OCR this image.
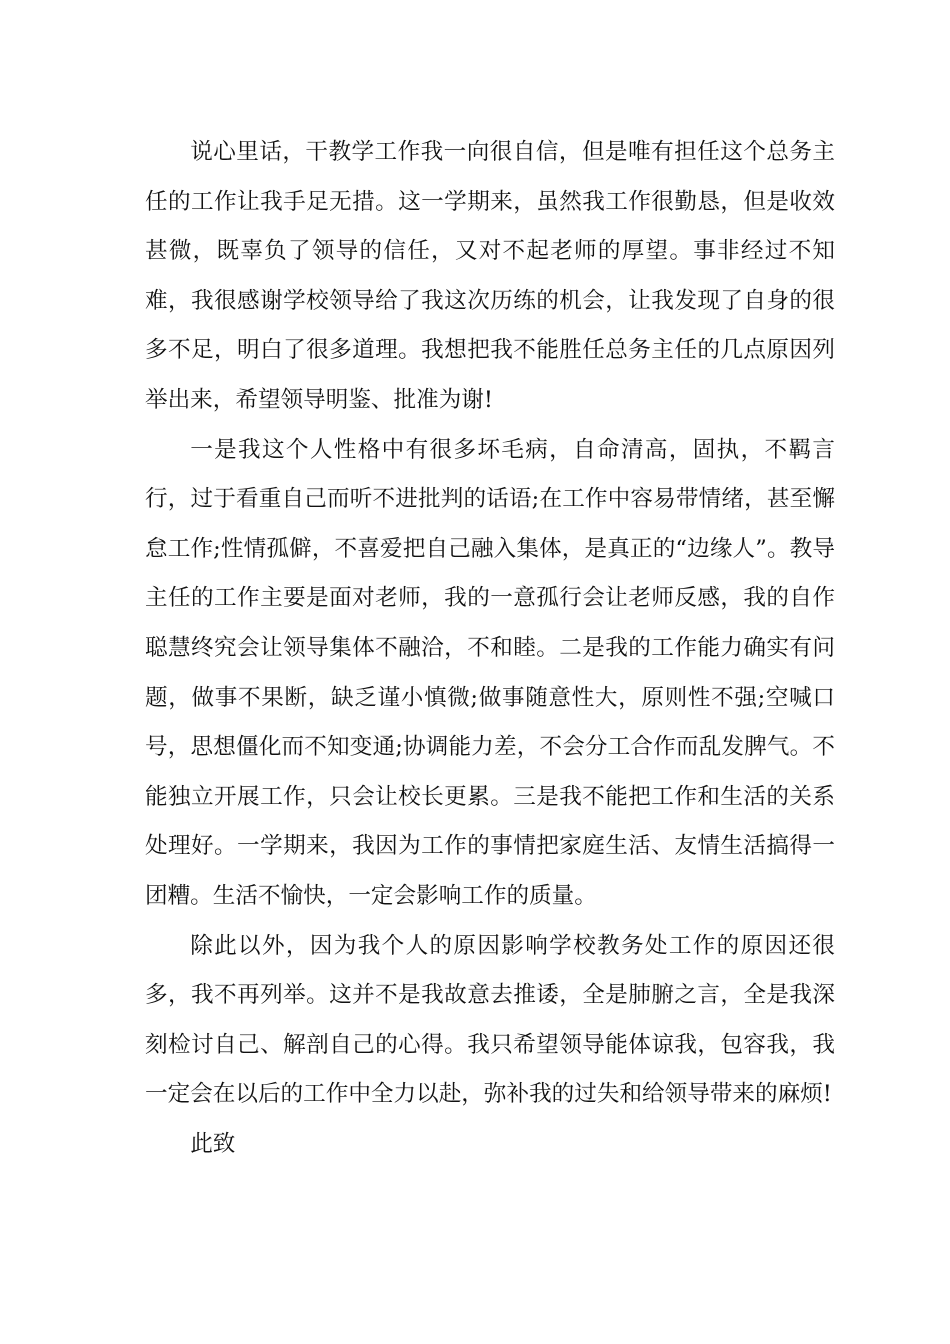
说心里话，干教学工作我一向很自信，但是唯有担任这个总务主任的工作让我手足无措。这一学期来，虽然我工作很勤恳，但是收效甚微，既辜负了领导的信任，又对不起老师的厚望。事非经过不知难，我很感谢学校领导给了我这次历练的机会，让我发现了自身的很多不足，明白了很多道理。我想把我不能胜任总务主任的几点原因列举出来，希望领导明鉴、批准为谢!

一是我这个人性格中有很多坏毛病，自命清高，固执，不羁言行，过于看重自己而听不进批判的话语;在工作中容易带情绪，甚至懈怠工作;性情孤僻，不喜爱把自己融入集体，是真正的“边缘人”。教导主任的工作主要是面对老师，我的一意孤行会让老师反感，我的自作聪慧终究会让领导集体不融洽，不和睦。二是我的工作能力确实有问题，做事不果断，缺乏谨小慎微;做事随意性大，原则性不强;空喊口号，思想僵化而不知变通;协调能力差，不会分工合作而乱发脾气。不能独立开展工作，只会让校长更累。三是我不能把工作和生活的关系处理好。一学期来，我因为工作的事情把家庭生活、友情生活搞得一团糟。生活不愉快，一定会影响工作的质量。

除此以外，因为我个人的原因影响学校教务处工作的原因还很多，我不再列举。这并不是我故意去推诿，全是肺腑之言，全是我深刻检讨自己、解剖自己的心得。我只希望领导能体谅我，包容我，我一定会在以后的工作中全力以赴，弥补我的过失和给领导带来的麻烦!

此致
